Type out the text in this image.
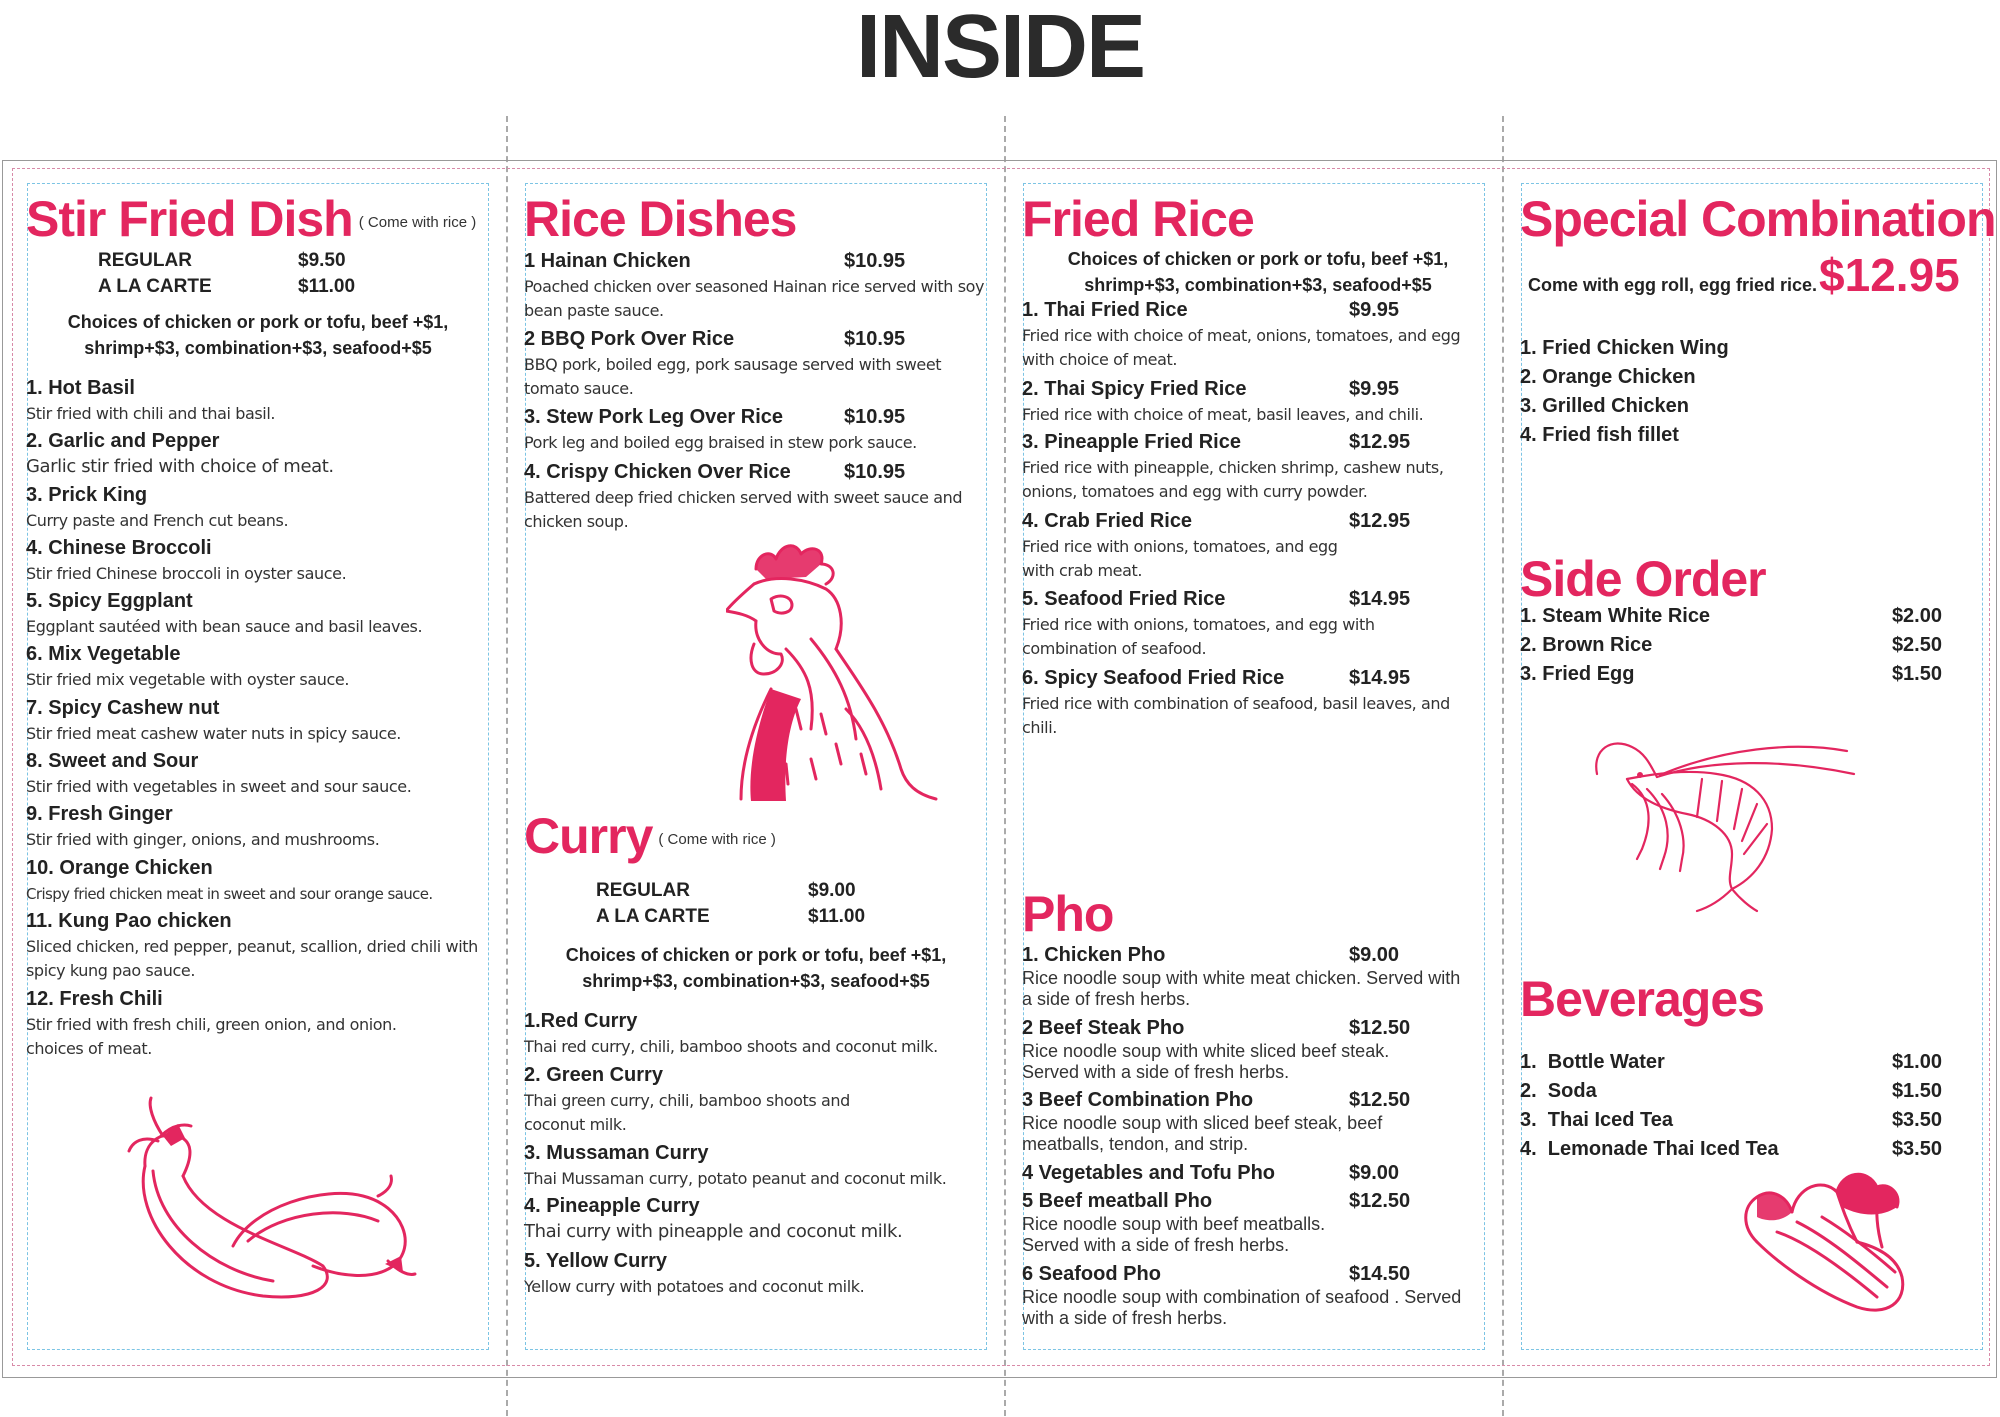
INSIDE
Stir Fried Dish ( Come with rice )
REGULAR	$9.50
A LA CARTE	$11.00
Choices of chicken or pork or tofu, beef +$1, shrimp+$3, combination+$3, seafood+$5
1. Hot Basil
Stir fried with chili and thai basil.
2. Garlic and Pepper
Garlic stir fried with choice of meat.
3. Prick King
Curry paste and French cut beans.
4. Chinese Broccoli
Stir fried Chinese broccoli in oyster sauce.
5. Spicy Eggplant
Eggplant sautéed with bean sauce and basil leaves.
6. Mix Vegetable
Stir fried mix vegetable with oyster sauce.
7. Spicy Cashew nut
Stir fried meat cashew water nuts in spicy sauce.
8. Sweet and Sour
Stir fried with vegetables in sweet and sour sauce.
9. Fresh Ginger
Stir fried with ginger, onions, and mushrooms.
10. Orange Chicken
Crispy fried chicken meat in sweet and sour orange sauce.
11. Kung Pao chicken
Sliced chicken, red pepper, peanut, scallion, dried chili with spicy kung pao sauce.
12. Fresh Chili
Stir fried with fresh chili, green onion, and onion. choices of meat.
Rice Dishes
1 Hainan Chicken	$10.95
Poached chicken over seasoned Hainan rice served with soy bean paste sauce.
2 BBQ Pork Over Rice	$10.95
BBQ pork, boiled egg, pork sausage served with sweet tomato sauce.
3. Stew Pork Leg Over Rice	$10.95
Pork leg and boiled egg braised in stew pork sauce.
4. Crispy Chicken Over Rice	$10.95
Battered deep fried chicken served with sweet sauce and chicken soup.
Curry ( Come with rice )
REGULAR	$9.00
A LA CARTE	$11.00
Choices of chicken or pork or tofu, beef +$1, shrimp+$3, combination+$3, seafood+$5
1.Red Curry
Thai red curry, chili, bamboo shoots and coconut milk.
2. Green Curry
Thai green curry, chili, bamboo shoots and coconut milk.
3. Mussaman Curry
Thai Mussaman curry, potato peanut and coconut milk.
4. Pineapple Curry
Thai curry with pineapple and coconut milk.
5. Yellow Curry
Yellow curry with potatoes and coconut milk.
Fried Rice
Choices of chicken or pork or tofu, beef +$1, shrimp+$3, combination+$3, seafood+$5
1. Thai Fried Rice	$9.95
Fried rice with choice of meat, onions, tomatoes, and egg with choice of meat.
2. Thai Spicy Fried Rice	$9.95
Fried rice with choice of meat, basil leaves, and chili.
3. Pineapple Fried Rice	$12.95
Fried rice with pineapple, chicken shrimp, cashew nuts, onions, tomatoes and egg with curry powder.
4. Crab Fried Rice	$12.95
Fried rice with onions, tomatoes, and egg with crab meat.
5. Seafood Fried Rice	$14.95
Fried rice with onions, tomatoes, and egg with combination of seafood.
6. Spicy Seafood Fried Rice	$14.95
Fried rice with combination of seafood, basil leaves, and chili.
Pho
1. Chicken Pho	$9.00
Rice noodle soup with white meat chicken. Served with a side of fresh herbs.
2 Beef Steak Pho	$12.50
Rice noodle soup with white sliced beef steak. Served with a side of fresh herbs.
3 Beef Combination Pho	$12.50
Rice noodle soup with sliced beef steak, beef meatballs, tendon, and strip.
4 Vegetables and Tofu Pho	$9.00
5 Beef meatball Pho	$12.50
Rice noodle soup with beef meatballs. Served with a side of fresh herbs.
6 Seafood Pho	$14.50
Rice noodle soup with combination of seafood . Served with a side of fresh herbs.
Special Combination
Come with egg roll, egg fried rice. $12.95
1. Fried Chicken Wing
2. Orange Chicken
3. Grilled Chicken
4. Fried fish fillet
Side Order
1. Steam White Rice	$2.00
2. Brown Rice	$2.50
3. Fried Egg	$1.50
Beverages
1.  Bottle Water	$1.00
2.  Soda	$1.50
3.  Thai Iced Tea	$3.50
4.  Lemonade Thai Iced Tea	$3.50
